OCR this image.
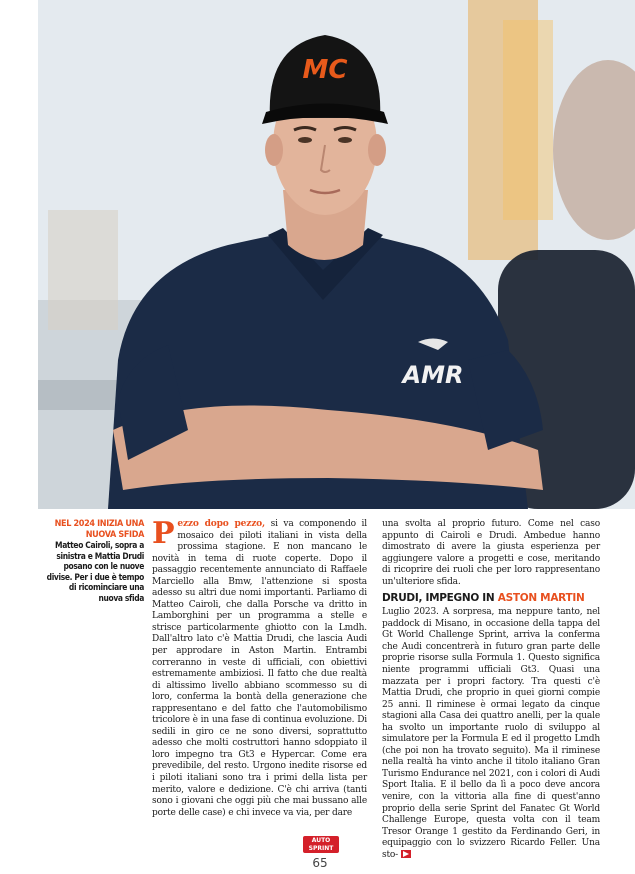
MC
AMR
NEL 2024 INIZIA UNA NUOVA SFIDA
Matteo Cairoli, sopra a sinistra e Mattia Drudi posano con le nuove divise. Per i due è tempo di ricominciare una nuova sfida

Pezzo dopo pezzo, si va componendo il mosaico dei piloti italiani in vista della prossima stagione. E non mancano le novità in tema di ruote coperte. Dopo il passaggio recentemente annunciato di Raffaele Marciello alla Bmw, l'attenzione si sposta adesso su altri due nomi importanti. Parliamo di Matteo Cairoli, che dalla Porsche va dritto in Lamborghini per un programma a stelle e strisce particolarmente ghiotto con la Lmdh. Dall'altro lato c'è Mattia Drudi, che lascia Audi per approdare in Aston Martin. Entrambi correranno in veste di ufficiali, con obiettivi estremamente ambiziosi. Il fatto che due realtà di altissimo livello abbiano scommesso su di loro, conferma la bontà della generazione che rappresentano e del fatto che l'automobilismo tricolore è in una fase di continua evoluzione. Di sedili in giro ce ne sono diversi, soprattutto adesso che molti costruttori hanno sdoppiato il loro impegno tra Gt3 e Hypercar. Come era prevedibile, del resto. Urgono inedite risorse ed i piloti italiani sono tra i primi della lista per merito, valore e dedizione. C'è chi arriva (tanti sono i giovani che oggi più che mai bussano alle porte delle case) e chi invece va via, per dare

una svolta al proprio futuro. Come nel caso appunto di Cairoli e Drudi. Ambedue hanno dimostrato di avere la giusta esperienza per aggiungere valore a progetti e cose, meritando di ricoprire dei ruoli che per loro rappresentano un'ulteriore sfida.

DRUDI, IMPEGNO IN ASTON MARTIN

Luglio 2023. A sorpresa, ma neppure tanto, nel paddock di Misano, in occasione della tappa del Gt World Challenge Sprint, arriva la conferma che Audi concentrerà in futuro gran parte delle proprie risorse sulla Formula 1. Questo significa niente programmi ufficiali Gt3. Quasi una mazzata per i propri factory. Tra questi c'è Mattia Drudi, che proprio in quei giorni compie 25 anni. Il riminese è ormai legato da cinque stagioni alla Casa dei quattro anelli, per la quale ha svolto un importante ruolo di sviluppo al simulatore per la Formula E ed il progetto Lmdh (che poi non ha trovato seguito). Ma il riminese nella realtà ha vinto anche il titolo italiano Gran Turismo Endurance nel 2021, con i colori di Audi Sport Italia. E il bello da lì a poco deve ancora venire, con la vittoria alla fine di quest'anno proprio della serie Sprint del Fanatec Gt World Challenge Europe, questa volta con il team Tresor Orange 1 gestito da Ferdinando Geri, in equipaggio con lo svizzero Ricardo Feller. Una sto-

AUTO
SPRINT
65
